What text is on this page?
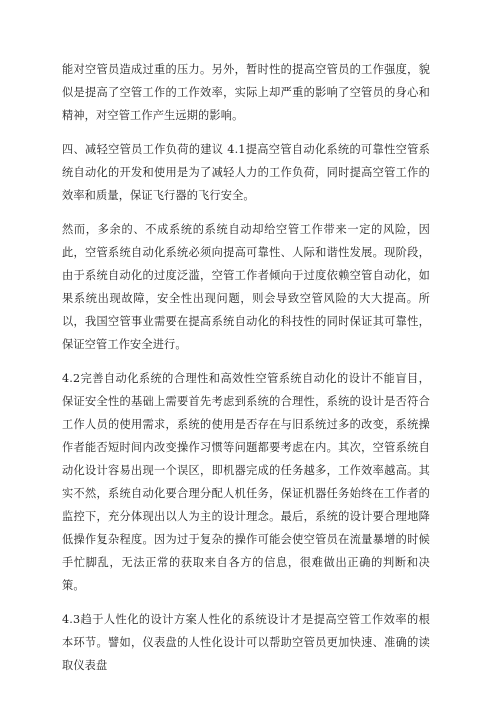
能对空管员造成过重的压力。另外，暂时性的提高空管员的工作强度，貌似是提高了空管工作的工作效率，实际上却严重的影响了空管员的身心和精神，对空管工作产生远期的影响。

四、减轻空管员工作负荷的建议 4.1提高空管自动化系统的可靠性空管系统自动化的开发和使用是为了减轻人力的工作负荷，同时提高空管工作的效率和质量，保证飞行器的飞行安全。

然而，多余的、不成系统的系统自动却给空管工作带来一定的风险，因此，空管系统自动化系统必须向提高可靠性、人际和谐性发展。现阶段，由于系统自动化的过度泛滥，空管工作者倾向于过度依赖空管自动化，如果系统出现故障，安全性出现问题，则会导致空管风险的大大提高。所以，我国空管事业需要在提高系统自动化的科技性的同时保证其可靠性，保证空管工作安全进行。

4.2完善自动化系统的合理性和高效性空管系统自动化的设计不能盲目，保证安全性的基础上需要首先考虑到系统的合理性，系统的设计是否符合工作人员的使用需求，系统的使用是否存在与旧系统过多的改变，系统操作者能否短时间内改变操作习惯等问题都要考虑在内。其次，空管系统自动化设计容易出现一个误区，即机器完成的任务越多，工作效率越高。其实不然，系统自动化要合理分配人机任务，保证机器任务始终在工作者的监控下，充分体现出以人为主的设计理念。最后，系统的设计要合理地降低操作复杂程度。因为过于复杂的操作可能会使空管员在流量暴增的时候手忙脚乱，无法正常的获取来自各方的信息，很难做出正确的判断和决策。

4.3趋于人性化的设计方案人性化的系统设计才是提高空管工作效率的根本环节。譬如，仪表盘的人性化设计可以帮助空管员更加快速、准确的读取仪表盘
